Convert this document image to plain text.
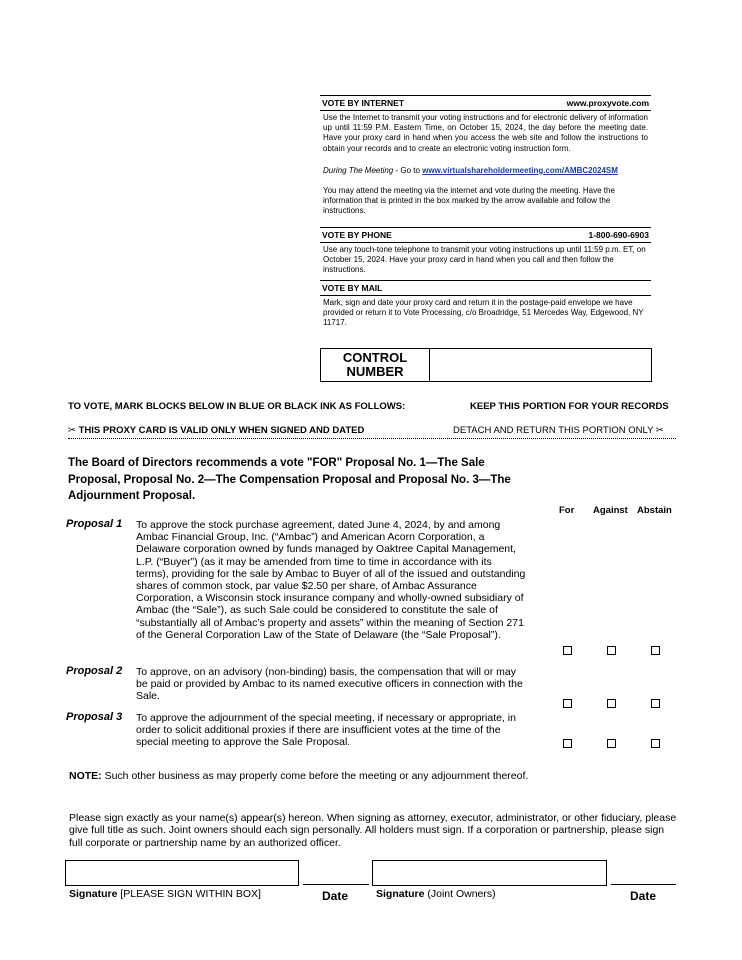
VOTE BY INTERNET	www.proxyvote.com
Use the Internet to transmit your voting instructions and for electronic delivery of information up until 11:59 P.M. Eastern Time, on October 15, 2024, the day before the meeting date. Have your proxy card in hand when you access the web site and follow the instructions to obtain your records and to create an electronic voting instruction form.
During The Meeting - Go to www.virtualshareholdermeeting.com/AMBC2024SM
You may attend the meeting via the internet and vote during the meeting. Have the information that is printed in the box marked by the arrow available and follow the instructions.
VOTE BY PHONE	1-800-690-6903
Use any touch-tone telephone to transmit your voting instructions up until 11:59 p.m. ET, on October 15, 2024. Have your proxy card in hand when you call and then follow the instructions.
VOTE BY MAIL
Mark, sign and date your proxy card and return it in the postage-paid envelope we have provided or return it to Vote Processing, c/o Broadridge, 51 Mercedes Way, Edgewood, NY 11717.
CONTROL
NUMBER
TO VOTE, MARK BLOCKS BELOW IN BLUE OR BLACK INK AS FOLLOWS:	KEEP THIS PORTION FOR YOUR RECORDS
✂ THIS PROXY CARD IS VALID ONLY WHEN SIGNED AND DATED	DETACH AND RETURN THIS PORTION ONLY ✂
The Board of Directors recommends a vote "FOR" Proposal No. 1—The Sale Proposal, Proposal No. 2—The Compensation Proposal and Proposal No. 3—The Adjournment Proposal.
For Against Abstain
Proposal 1 To approve the stock purchase agreement, dated June 4, 2024, by and among Ambac Financial Group, Inc. (“Ambac”) and American Acorn Corporation, a Delaware corporation owned by funds managed by Oaktree Capital Management, L.P. (“Buyer”) (as it may be amended from time to time in accordance with its terms), providing for the sale by Ambac to Buyer of all of the issued and outstanding shares of common stock, par value $2.50 per share, of Ambac Assurance Corporation, a Wisconsin stock insurance company and wholly-owned subsidiary of Ambac (the “Sale”), as such Sale could be considered to constitute the sale of “substantially all of Ambac’s property and assets” within the meaning of Section 271 of the General Corporation Law of the State of Delaware (the “Sale Proposal”).
Proposal 2 To approve, on an advisory (non-binding) basis, the compensation that will or may be paid or provided by Ambac to its named executive officers in connection with the Sale.
Proposal 3 To approve the adjournment of the special meeting, if necessary or appropriate, in order to solicit additional proxies if there are insufficient votes at the time of the special meeting to approve the Sale Proposal.
NOTE: Such other business as may properly come before the meeting or any adjournment thereof.
Please sign exactly as your name(s) appear(s) hereon. When signing as attorney, executor, administrator, or other fiduciary, please give full title as such. Joint owners should each sign personally. All holders must sign. If a corporation or partnership, please sign full corporate or partnership name by an authorized officer.
Signature [PLEASE SIGN WITHIN BOX]	Date	Signature (Joint Owners)	Date
